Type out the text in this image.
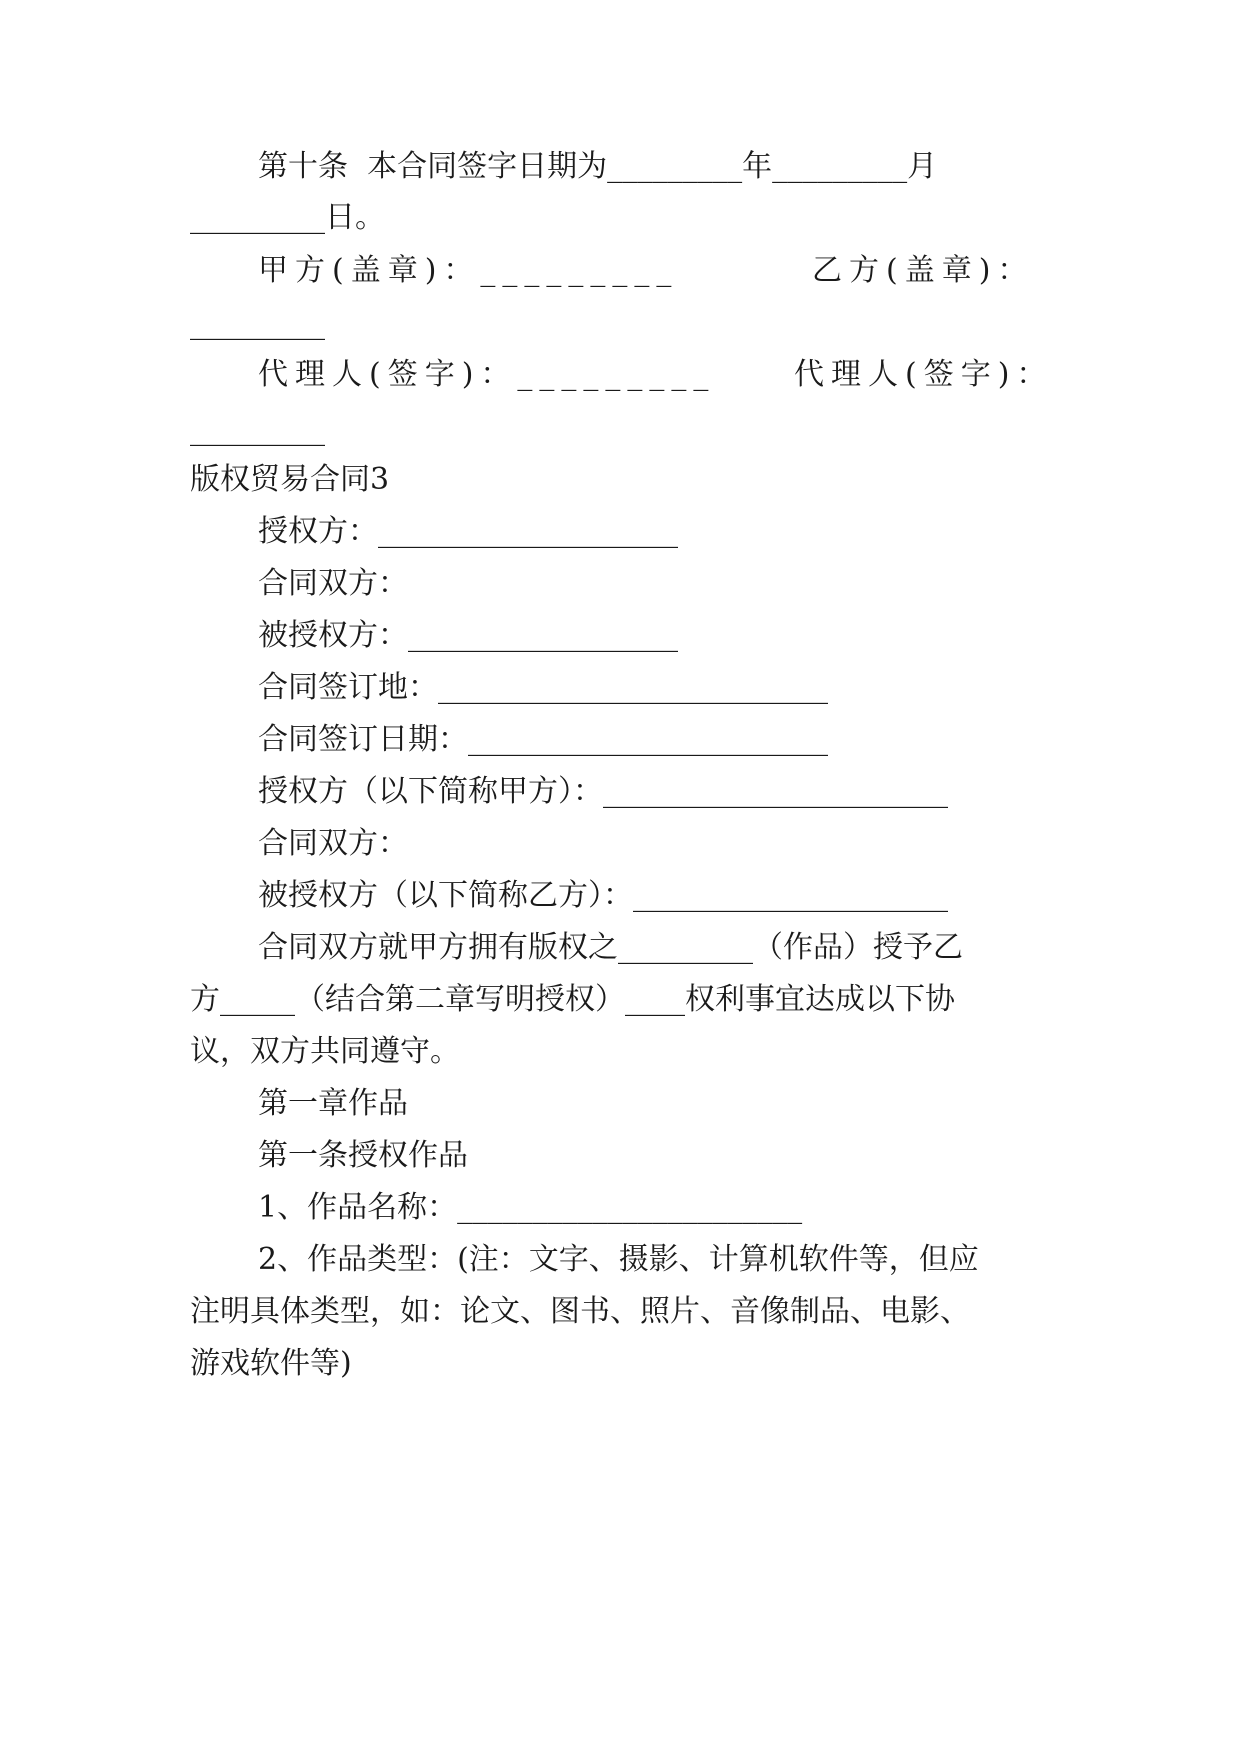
第十条  本合同签字日期为_________年_________月
_________日。
甲方(盖章)：_________	乙方(盖章)：
_________
代理人(签字)：_________	代理人(签字)：
_________
版权贸易合同3
授权方：____________________
合同双方：
被授权方：__________________
合同签订地：__________________________
合同签订日期：________________________
授权方（以下简称甲方）：_______________________
合同双方：
被授权方（以下简称乙方）：_____________________
合同双方就甲方拥有版权之_________（作品）授予乙
方_____（结合第二章写明授权）____权利事宜达成以下协
议，双方共同遵守。
第一章作品
第一条授权作品
1、作品名称：_______________________
2、作品类型：(注：文字、摄影、计算机软件等，但应
注明具体类型，如：论文、图书、照片、音像制品、电影、
游戏软件等)
